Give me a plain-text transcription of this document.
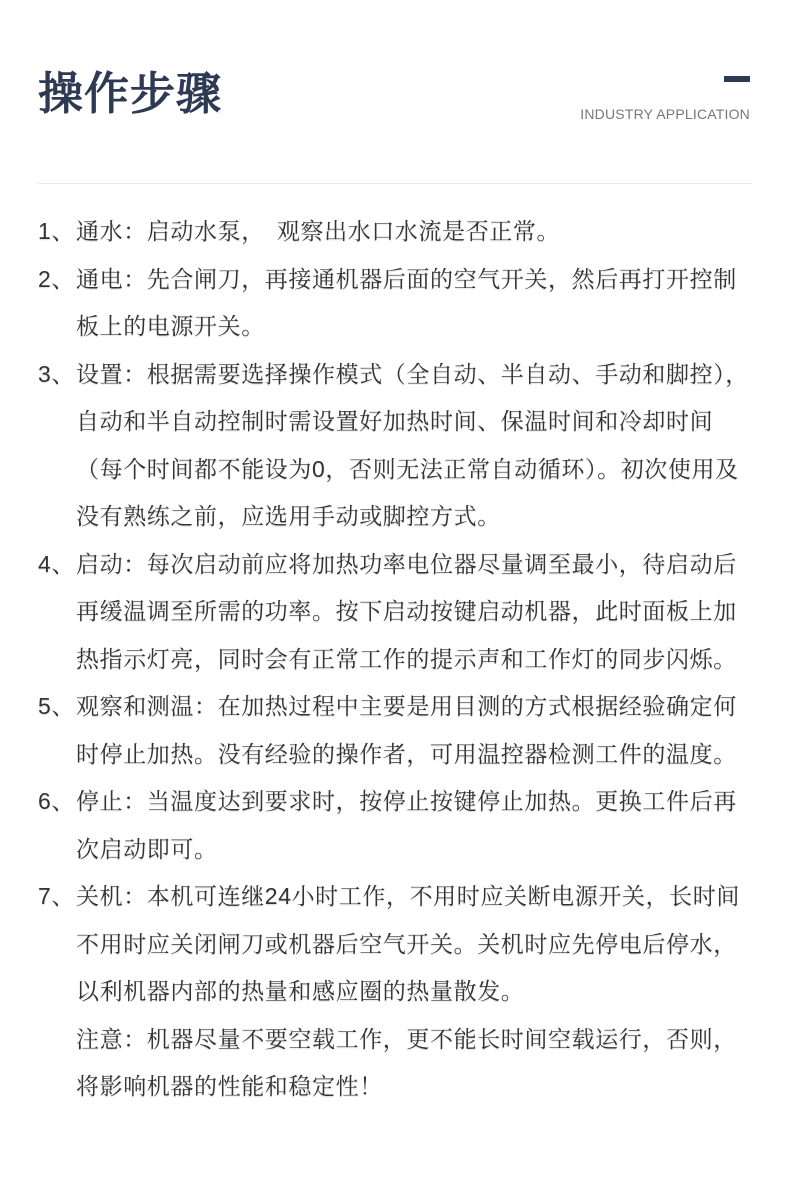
操作步骤	INDUSTRY APPLICATION
1、 通水：启动水泵，　观察出水口水流是否正常。
2、 通电：先合闸刀，再接通机器后面的空气开关，然后再打开控制
板上的电源开关。
3、 设置：根据需要选择操作模式（全自动、半自动、手动和脚控），
自动和半自动控制时需设置好加热时间、保温时间和冷却时间
（每个时间都不能设为0，否则无法正常自动循环）。初次使用及
没有熟练之前，应选用手动或脚控方式。
4、 启动：每次启动前应将加热功率电位器尽量调至最小，待启动后
再缓温调至所需的功率。按下启动按键启动机器，此时面板上加
热指示灯亮，同时会有正常工作的提示声和工作灯的同步闪烁。
5、 观察和测温：在加热过程中主要是用目测的方式根据经验确定何
时停止加热。没有经验的操作者，可用温控器检测工件的温度。
6、 停止：当温度达到要求时，按停止按键停止加热。更换工件后再
次启动即可。
7、 关机：本机可连继24小时工作，不用时应关断电源开关，长时间
不用时应关闭闸刀或机器后空气开关。关机时应先停电后停水，
以利机器内部的热量和感应圈的热量散发。
注意：机器尽量不要空载工作，更不能长时间空载运行，否则，
将影响机器的性能和稳定性！
